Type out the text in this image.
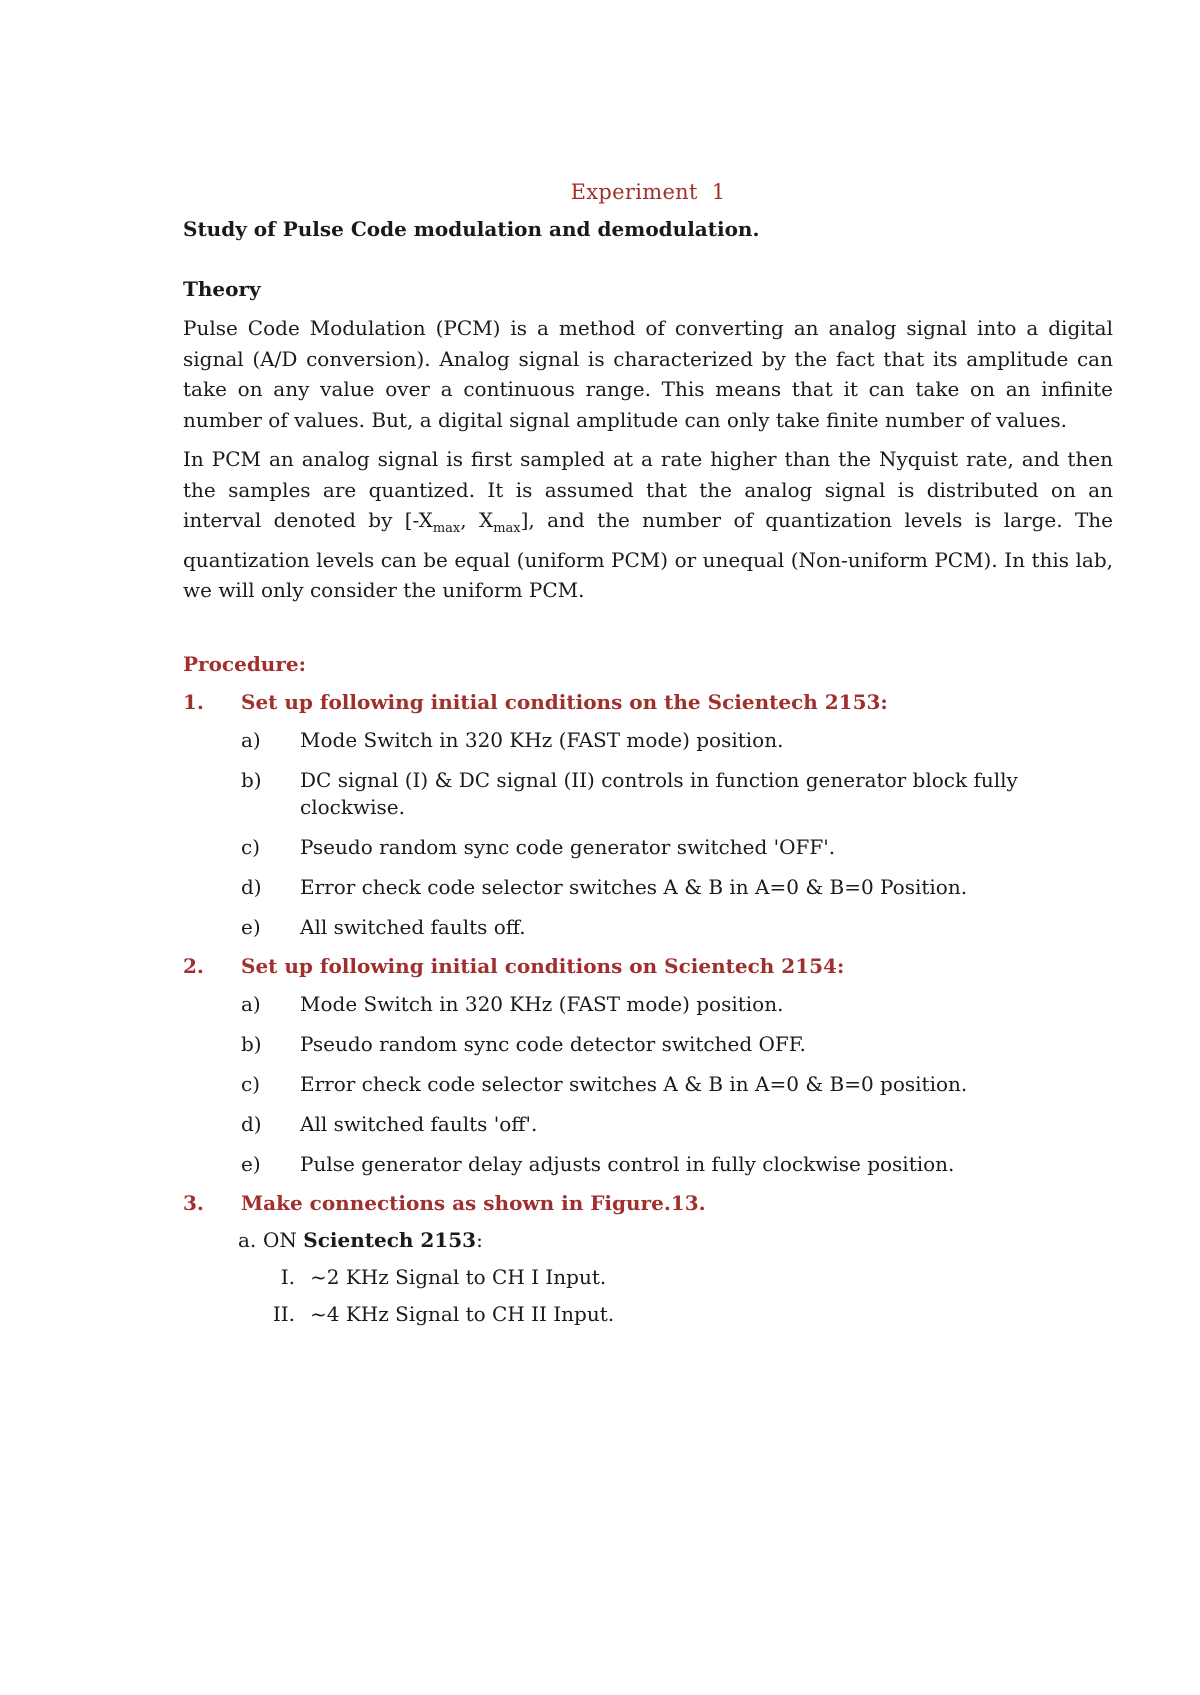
Experiment  1

Study of Pulse Code modulation and demodulation.

Theory

Pulse Code Modulation (PCM) is a method of converting an analog signal into a digital signal (A/D conversion). Analog signal is characterized by the fact that its amplitude can take on any value over a continuous range. This means that it can take on an infinite number of values. But, a digital signal amplitude can only take finite number of values.

In PCM an analog signal is first sampled at a rate higher than the Nyquist rate, and then the samples are quantized. It is assumed that the analog signal is distributed on an interval denoted by [$-X_{max}$, $X_{max}$], and the number of quantization levels is large. The quantization levels can be equal (uniform PCM) or unequal (Non-uniform PCM). In this lab, we will only consider the uniform PCM.

Procedure:

1. Set up following initial conditions on the Scientech 2153:
a) Mode Switch in 320 KHz (FAST mode) position.
b) DC signal (I) & DC signal (II) controls in function generator block fully clockwise.
c) Pseudo random sync code generator switched 'OFF'.
d) Error check code selector switches A & B in A=0 & B=0 Position.
e) All switched faults off.
2. Set up following initial conditions on Scientech 2154:
a) Mode Switch in 320 KHz (FAST mode) position.
b) Pseudo random sync code detector switched OFF.
c) Error check code selector switches A & B in A=0 & B=0 position.
d) All switched faults 'off'.
e) Pulse generator delay adjusts control in fully clockwise position.
3. Make connections as shown in Figure.13.
a. ON Scientech 2153:
I. ~2 KHz Signal to CH I Input.
II. ~4 KHz Signal to CH II Input.
